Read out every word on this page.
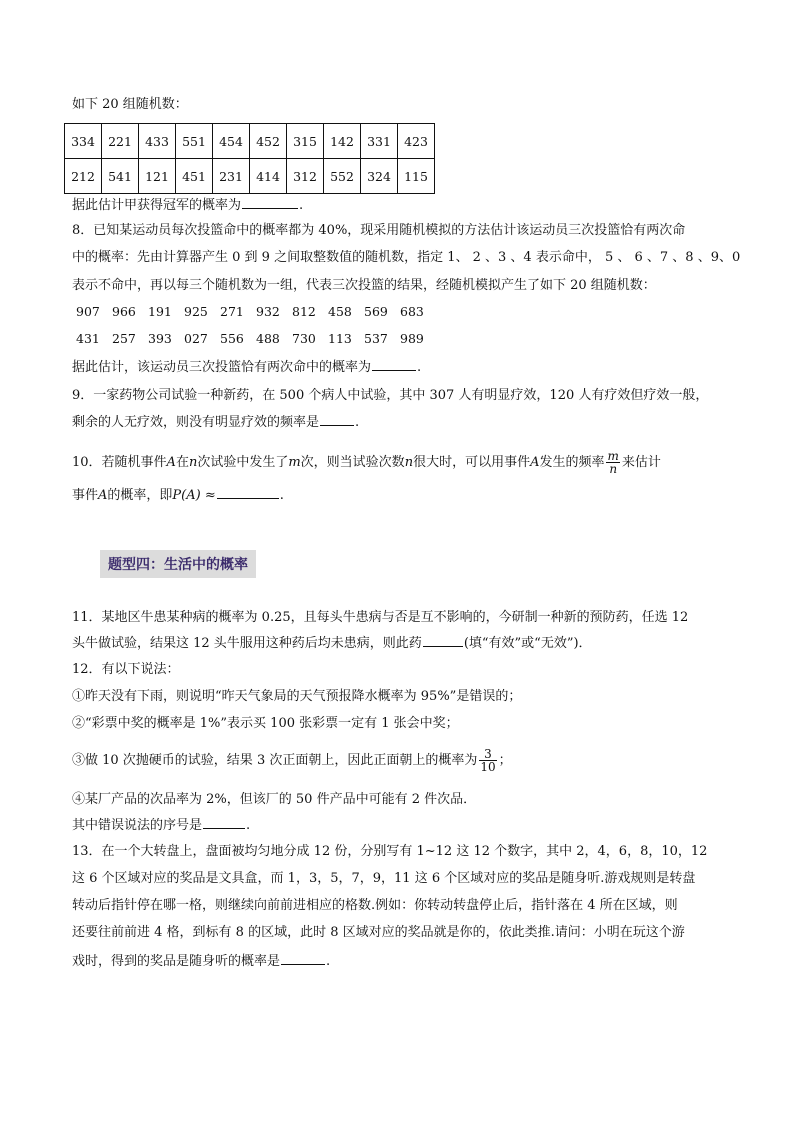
如下 20 组随机数：
334	221	433	551	454	452	315	142	331	423
212	541	121	451	231	414	312	552	324	115
据此估计甲获得冠军的概率为	.
8．已知某运动员每次投篮命中的概率都为 40%，现采用随机模拟的方法估计该运动员三次投篮恰有两次命
中的概率：先由计算器产生 0 到 9 之间取整数值的随机数，指定 1、 2 、3 、4 表示命中， 5 、 6 、7 、8 、9、0
表示不命中，再以每三个随机数为一组，代表三次投篮的结果，经随机模拟产生了如下 20 组随机数：
907 966 191 925 271 932 812 458 569 683
431 257 393 027 556 488 730 113 537 989
据此估计，该运动员三次投篮恰有两次命中的概率为	.
9．一家药物公司试验一种新药，在 500 个病人中试验，其中 307 人有明显疗效，120 人有疗效但疗效一般，
剩余的人无疗效，则没有明显疗效的频率是	.
10．若随机事件A在n次试验中发生了m次，则当试验次数n很大时，可以用事件A发生的频率 $\frac{m}{n}$ 来估计
事件A的概率，即P(A) ≈	.
题型四：生活中的概率
11．某地区牛患某种病的概率为 0.25，且每头牛患病与否是互不影响的，今研制一种新的预防药，任选 12
头牛做试验，结果这 12 头牛服用这种药后均未患病，则此药	(填“有效”或“无效”)．
12．有以下说法：
①昨天没有下雨，则说明“昨天气象局的天气预报降水概率为 95%”是错误的；
②“彩票中奖的概率是 1%”表示买 100 张彩票一定有 1 张会中奖；
③做 10 次抛硬币的试验，结果 3 次正面朝上，因此正面朝上的概率为 $\frac{3}{10}$ ；
④某厂产品的次品率为 2%，但该厂的 50 件产品中可能有 2 件次品．
其中错误说法的序号是	.
13．在一个大转盘上，盘面被均匀地分成 12 份，分别写有 1~12 这 12 个数字，其中 2，4，6，8，10，12
这 6 个区域对应的奖品是文具盒，而 1，3，5，7，9，11 这 6 个区域对应的奖品是随身听.游戏规则是转盘
转动后指针停在哪一格，则继续向前前进相应的格数.例如：你转动转盘停止后，指针落在 4 所在区域，则
还要往前前进 4 格，到标有 8 的区域，此时 8 区域对应的奖品就是你的，依此类推.请问：小明在玩这个游
戏时，得到的奖品是随身听的概率是	.
